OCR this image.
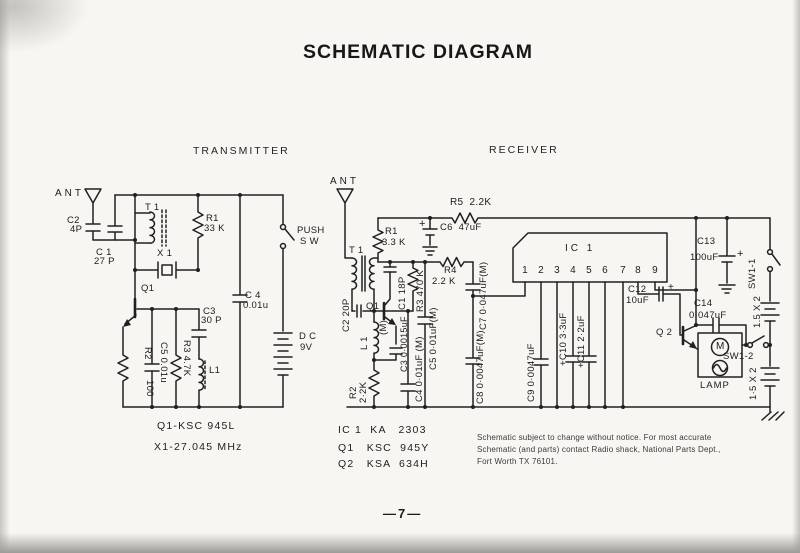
SCHEMATIC DIAGRAM
TRANSMITTER	RECEIVER
ANT
C2
4P
C 1
27 P
T 1
R1
33 K
X 1
Q1
C3
30 P
C 4
0.01u
PUSH
S W
D C
9V
L1
R2
100
C5 0.01u R3 4.7K
ANT
T 1
R1
3.3 K
R5  2.2K
+ C6  47uF
Q1
R4
2.2 K
IC 1
1 2 3 4 5 6 7 8 9
C12
10uF
+
C13
100uF +
C14
0·047uF
Q 2
M
SW1-2
LAMP
C2 20P
C1 18P R3 470 K
(M) C3 0·0015uF
L 1
R2 2·2K	C4 0·01uF (M) C5 0·01uF(M)
C7 0·047uF(M)
C8 0·0047uF(M)	C9 0·0047uF
+C10 3·3uF +C11 2·2uF
SW1-1
1.5 X 2
1·5 X 2
Q1-KSC 945L
X1-27.045 MHz
IC 1  KA   2303
Q1   KSC  945Y
Q2   KSA  634H
Schematic subject to change without notice. For most accurate
Schematic (and parts) contact Radio shack, National Parts Dept.,
Fort Worth TX 76101.
—7—
